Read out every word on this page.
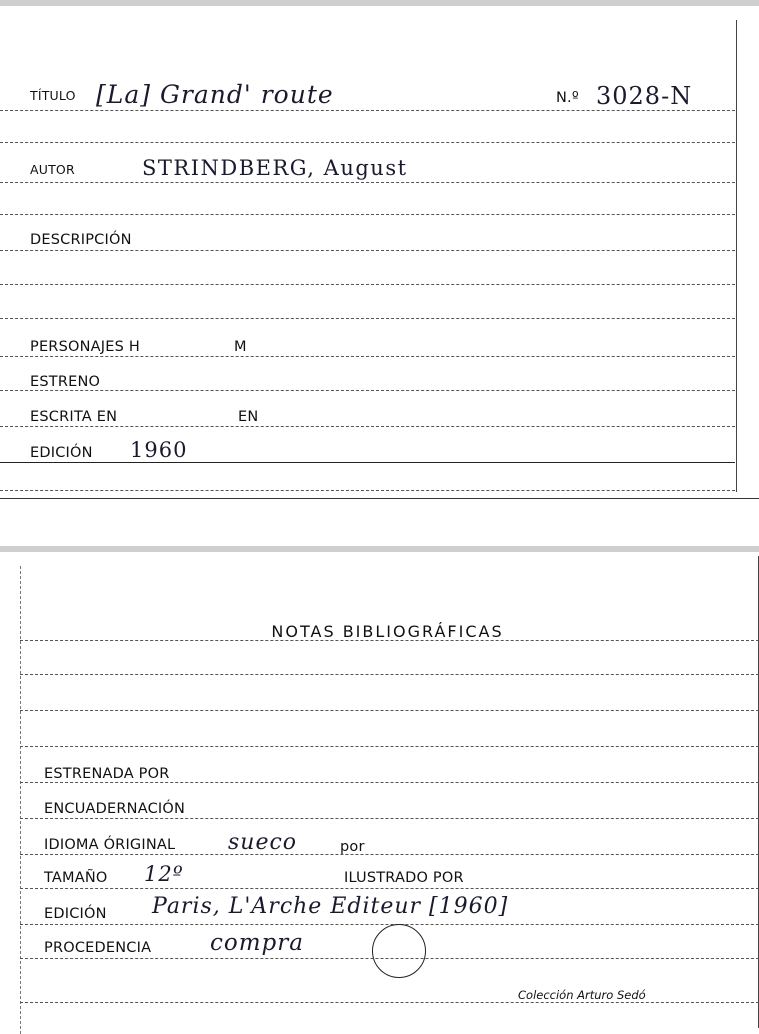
TÍTULO [La] Grand' route	N.º 3028-N
AUTOR	STRINDBERG, August
DESCRIPCIÓN
PERSONAJES H	M
ESTRENO
ESCRITA EN	EN
EDICIÓN 1960
NOTAS BIBLIOGRÁFICAS
ESTRENADA POR
ENCUADERNACIÓN
IDIOMA ÓRIGINAL sueco	por
TAMAÑO 12º	ILUSTRADO POR
EDICIÓN Paris, L'Arche Editeur [1960]
PROCEDENCIA	compra
Colección Arturo Sedó
